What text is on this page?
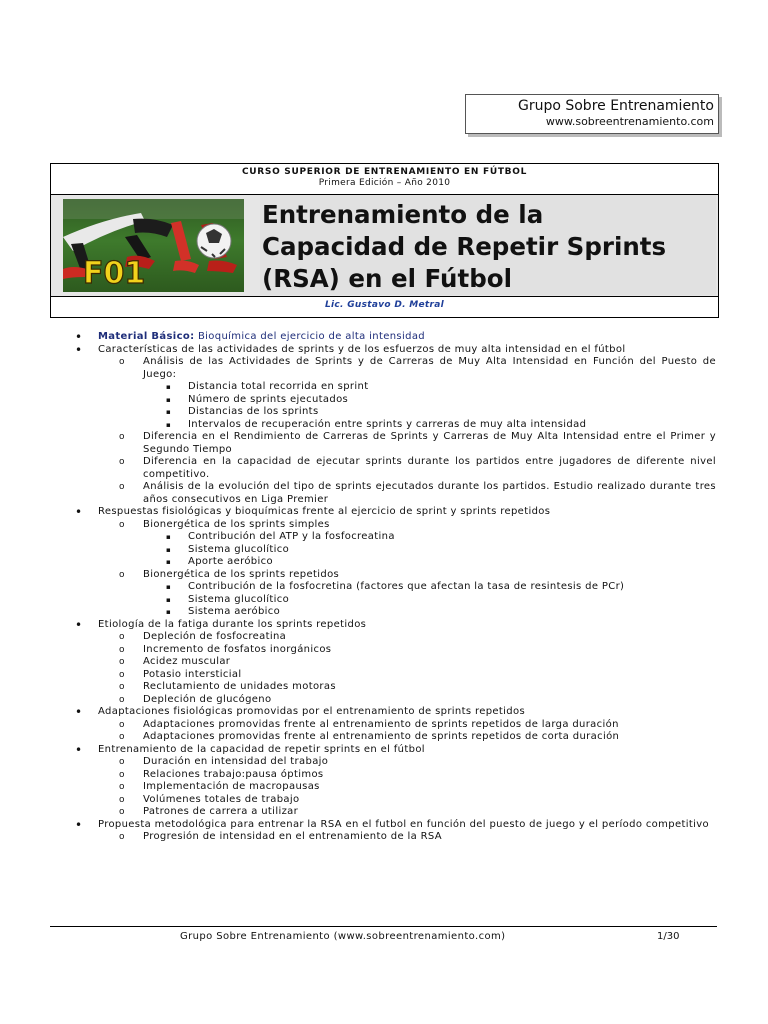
Grupo Sobre Entrenamiento
www.sobreentrenamiento.com
CURSO SUPERIOR DE ENTRENAMIENTO EN FÚTBOL
Primera Edición – Año 2010
F01
Entrenamiento de la
Capacidad de Repetir Sprints
(RSA) en el Fútbol
Lic. Gustavo D. Metral
• Material Básico: Bioquímica del ejercicio de alta intensidad
• Características de las actividades de sprints y de los esfuerzos de muy alta intensidad en el fútbol
o Análisis de las Actividades de Sprints y de Carreras de Muy Alta Intensidad en Función del Puesto de Juego:
▪ Distancia total recorrida en sprint
▪ Número de sprints ejecutados
▪ Distancias de los sprints
▪ Intervalos de recuperación entre sprints y carreras de muy alta intensidad
o Diferencia en el Rendimiento de Carreras de Sprints y Carreras de Muy Alta Intensidad entre el Primer y Segundo Tiempo
o Diferencia en la capacidad de ejecutar sprints durante los partidos entre jugadores de diferente nivel competitivo.
o Análisis de la evolución del tipo de sprints ejecutados durante los partidos. Estudio realizado durante tres años consecutivos en Liga Premier
• Respuestas fisiológicas y bioquímicas frente al ejercicio de sprint y sprints repetidos
o Bionergética de los sprints simples
▪ Contribución del ATP y la fosfocreatina
▪ Sistema glucolítico
▪ Aporte aeróbico
o Bionergética de los sprints repetidos
▪ Contribución de la fosfocretina (factores que afectan la tasa de resintesis de PCr)
▪ Sistema glucolítico
▪ Sistema aeróbico
• Etiología de la fatiga durante los sprints repetidos
o Depleción de fosfocreatina
o Incremento de fosfatos inorgánicos
o Acidez muscular
o Potasio intersticial
o Reclutamiento de unidades motoras
o Depleción de glucógeno
• Adaptaciones fisiológicas promovidas por el entrenamiento de sprints repetidos
o Adaptaciones promovidas frente al entrenamiento de sprints repetidos de larga duración
o Adaptaciones promovidas frente al entrenamiento de sprints repetidos de corta duración
• Entrenamiento de la capacidad de repetir sprints en el fútbol
o Duración en intensidad del trabajo
o Relaciones trabajo:pausa óptimos
o Implementación de macropausas
o Volúmenes totales de trabajo
o Patrones de carrera a utilizar
• Propuesta metodológica para entrenar la RSA en el futbol en función del puesto de juego y el período competitivo
o Progresión de intensidad en el entrenamiento de la RSA
Grupo Sobre Entrenamiento (www.sobreentrenamiento.com)	1/30
